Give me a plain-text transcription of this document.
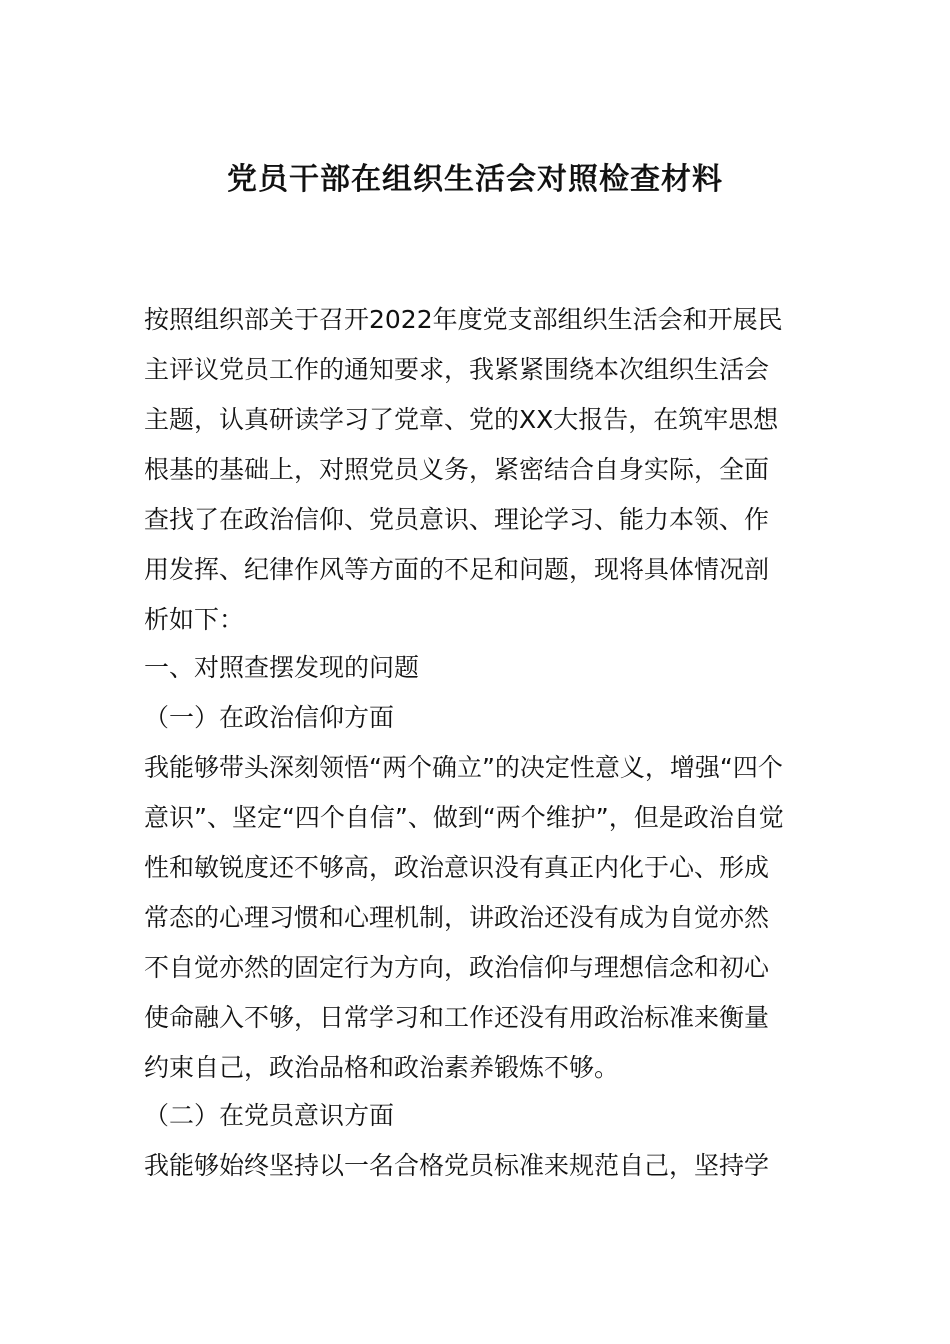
党员干部在组织生活会对照检查材料

按照组织部关于召开2022年度党支部组织生活会和开展民

主评议党员工作的通知要求，我紧紧围绕本次组织生活会

主题，认真研读学习了党章、党的XX大报告，在筑牢思想

根基的基础上，对照党员义务，紧密结合自身实际，全面

查找了在政治信仰、党员意识、理论学习、能力本领、作

用发挥、纪律作风等方面的不足和问题，现将具体情况剖

析如下：

一、对照查摆发现的问题

（一）在政治信仰方面

我能够带头深刻领悟“两个确立”的决定性意义，增强“四个

意识”、坚定“四个自信”、做到“两个维护”，但是政治自觉

性和敏锐度还不够高，政治意识没有真正内化于心、形成

常态的心理习惯和心理机制，讲政治还没有成为自觉亦然

不自觉亦然的固定行为方向，政治信仰与理想信念和初心

使命融入不够，日常学习和工作还没有用政治标准来衡量

约束自己，政治品格和政治素养锻炼不够。

（二）在党员意识方面

我能够始终坚持以一名合格党员标准来规范自己，坚持学
